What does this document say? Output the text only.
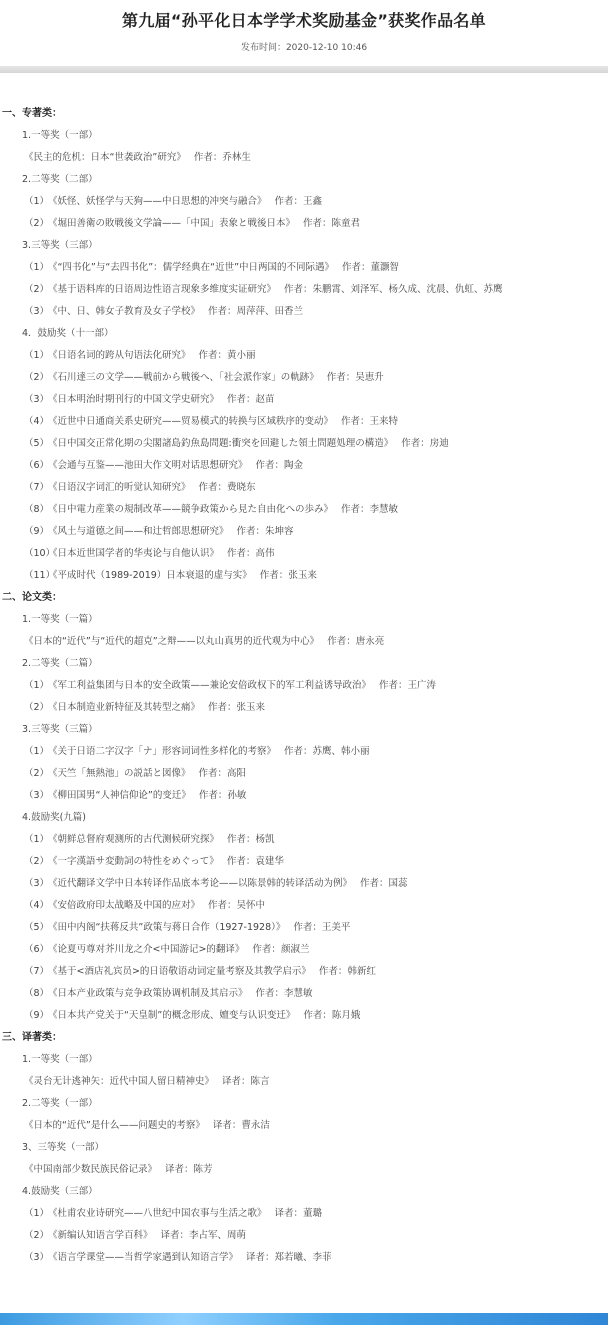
第九届“孙平化日本学学术奖励基金”获奖作品名单
发布时间：2020-12-10 10:46
一、专著类：
1.一等奖（一部）
《民主的危机：日本“世袭政治”研究》 作者：乔林生
2.二等奖（二部）
（1）《妖怪、妖怪学与天狗——中日思想的冲突与融合》 作者：王鑫
（2）《堀田善衛の敗戦後文学論——「中国」表象と戦後日本》 作者：陈童君
3.三等奖（三部）
（1）《“四书化”与“去四书化”：儒学经典在“近世”中日两国的不同际遇》 作者：董灏智
（2）《基于语料库的日语周边性语言现象多维度实证研究》 作者：朱鹏霄、刘泽军、杨久成、沈晨、仇虹、苏鹰
（3）《中、日、韩女子教育及女子学校》 作者：周萍萍、田香兰
4．鼓励奖（十一部）
（1）《日语名词的跨从句语法化研究》 作者：黄小丽
（2）《石川達三の文学——戦前から戦後へ、「社会派作家」の軌跡》 作者：吴恵升
（3）《日本明治时期刊行的中国文学史研究》 作者：赵苗
（4）《近世中日通商关系史研究——贸易模式的转换与区域秩序的变动》 作者：王来特
（5）《日中国交正常化期の尖閣諸島釣魚島問題:衝突を回避した領土問題処理の構造》 作者：房迪
（6）《会通与互鉴——池田大作文明对话思想研究》 作者：陶金
（7）《日语汉字词汇的听觉认知研究》 作者：费晓东
（8）《日中電力産業の規制改革——競争政策から見た自由化への歩み》 作者：李慧敏
（9）《风土与道德之间——和辻哲郎思想研究》 作者：朱坤容
（10）《日本近世国学者的华夷论与自他认识》 作者：高伟
（11）《平成时代（1989-2019）日本衰退的虚与实》 作者：张玉来
二、论文类：
1.一等奖（一篇）
《日本的“近代”与“近代的超克”之辩——以丸山真男的近代观为中心》 作者：唐永亮
2.二等奖（二篇）
（1）《军工利益集团与日本的安全政策——兼论安倍政权下的军工利益诱导政治》 作者：王广涛
（2）《日本制造业新特征及其转型之痛》 作者：张玉来
3.三等奖（三篇）
（1）《关于日语二字汉字「ナ」形容词词性多样化的考察》 作者：苏鹰、韩小丽
（2）《天竺「無熱池」の説話と図像》 作者：高阳
（3）《柳田国男“人神信仰论”的变迁》 作者：孙敏
4.鼓励奖(九篇)
（1）《朝鲜总督府观测所的古代测候研究探》 作者：杨凯
（2）《一字漢語サ変動詞の特性をめぐって》 作者：袁建华
（3）《近代翻译文学中日本转译作品底本考论——以陈景韩的转译活动为例》 作者：国蕊
（4）《安倍政府印太战略及中国的应对》 作者：吴怀中
（5）《田中内阁“扶蒋反共”政策与蒋日合作（1927-1928）》 作者：王美平
（6）《论夏丏尊对芥川龙之介<中国游记>的翻译》 作者：颜淑兰
（7）《基于<酒店礼宾员>的日语敬语动词定量考察及其教学启示》 作者：韩新红
（8）《日本产业政策与竞争政策协调机制及其启示》 作者：李慧敏
（9）《日本共产党关于“天皇制”的概念形成、嬗变与认识变迁》 作者：陈月娥
三、译著类：
1.一等奖（一部）
《灵台无计逃神矢：近代中国人留日精神史》 译者：陈言
2.二等奖（一部）
《日本的“近代”是什么——问题史的考察》 译者：曹永洁
3、三等奖（一部）
《中国南部少数民族民俗记录》 译者：陈芳
4.鼓励奖（三部）
（1）《杜甫农业诗研究——八世纪中国农事与生活之歌》 译者：董璐
（2）《新编认知语言学百科》 译者：李占军、周萌
（3）《语言学课堂——当哲学家遇到认知语言学》 译者：郑若曦、李菲
